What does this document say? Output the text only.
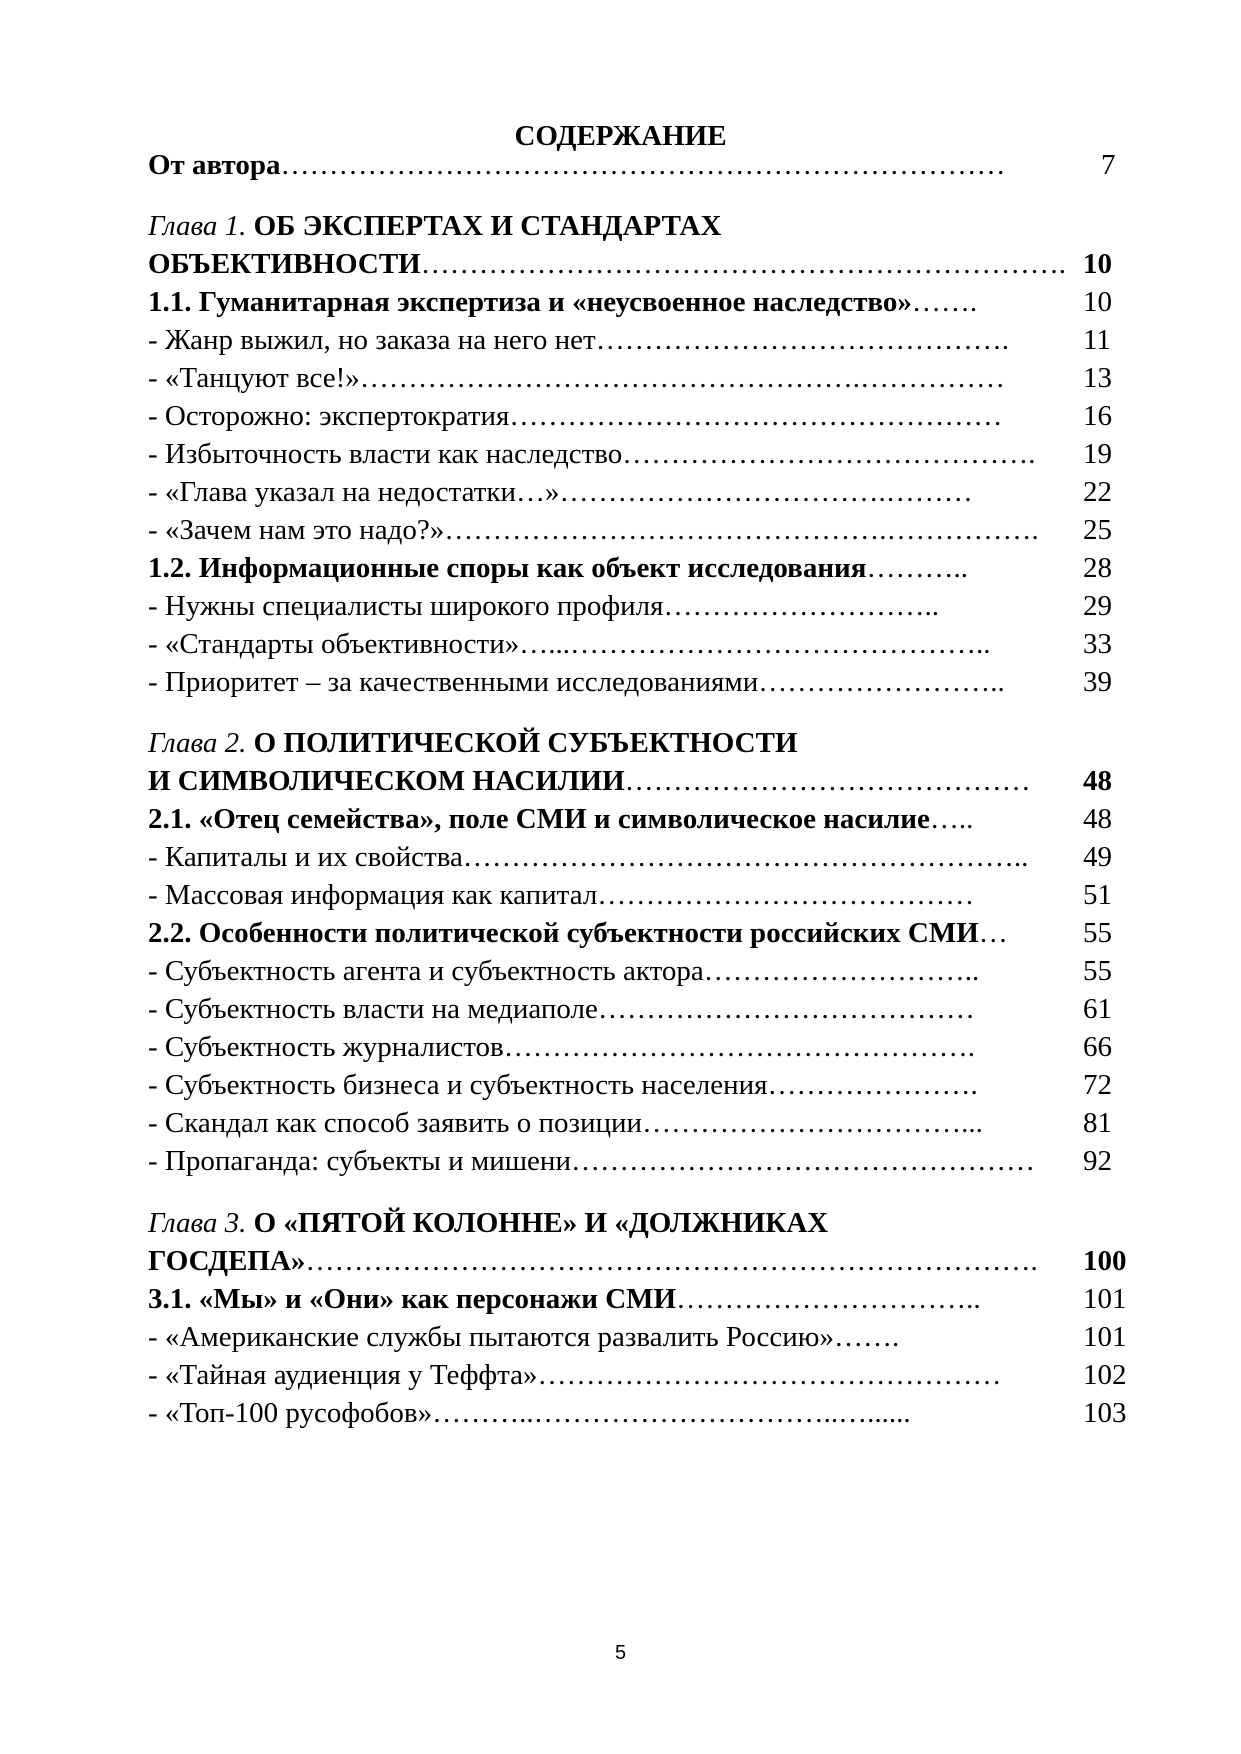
СОДЕРЖАНИЕ
От автора…………………………………………………………………	7
Глава 1. ОБ ЭКСПЕРТАХ И СТАНДАРТАХ
ОБЪЕКТИВНОСТИ…………………………………………………………. 10
1.1. Гуманитарная экспертиза и «неусвоенное наследство»…….	10
- Жанр выжил, но заказа на него нет…………………………………….	11
- «Танцуют все!»…………………………………………….……………	13
- Осторожно: экспертократия……………………………………………	16
- Избыточность власти как наследство…………………………………….	19
- «Глава указал на недостатки…»…………………………….………	22
- «Зачем нам это надо?»……………………………………….…………….	25
1.2. Информационные споры как объект исследования………..	28
- Нужны специалисты широкого профиля………………………..	29
- «Стандарты объективности»…...……………………………………..	33
- Приоритет – за качественными исследованиями……………………..	39
Глава 2. О ПОЛИТИЧЕСКОЙ СУБЪЕКТНОСТИ
И СИМВОЛИЧЕСКОМ НАСИЛИИ……………………………………	48
2.1. «Отец семейства», поле СМИ и символическое насилие…..	48
- Капиталы и их свойства…………………………………………………..	49
- Массовая информация как капитал…………………………………	51
2.2. Особенности политической субъектности российских СМИ…	55
- Субъектность агента и субъектность актора………………………..	55
- Субъектность власти на медиаполе…………………………………	61
- Субъектность журналистов………………………………………….	66
- Субъектность бизнеса и субъектность населения………………….	72
- Скандал как способ заявить о позиции……………………………...	81
- Пропаганда: субъекты и мишени…………………………………………	92
Глава 3. О «ПЯТОЙ КОЛОННЕ» И «ДОЛЖНИКАХ
ГОСДЕПА»………………………………………………………………….	100
3.1. «Мы» и «Они» как персонажи СМИ…………………………..	101
- «Американские службы пытаются развалить Россию»…….	101
- «Тайная аудиенция у Теффта»…………………………………………	102
- «Топ-100 русофобов»………..…………………………..…......	103
5
